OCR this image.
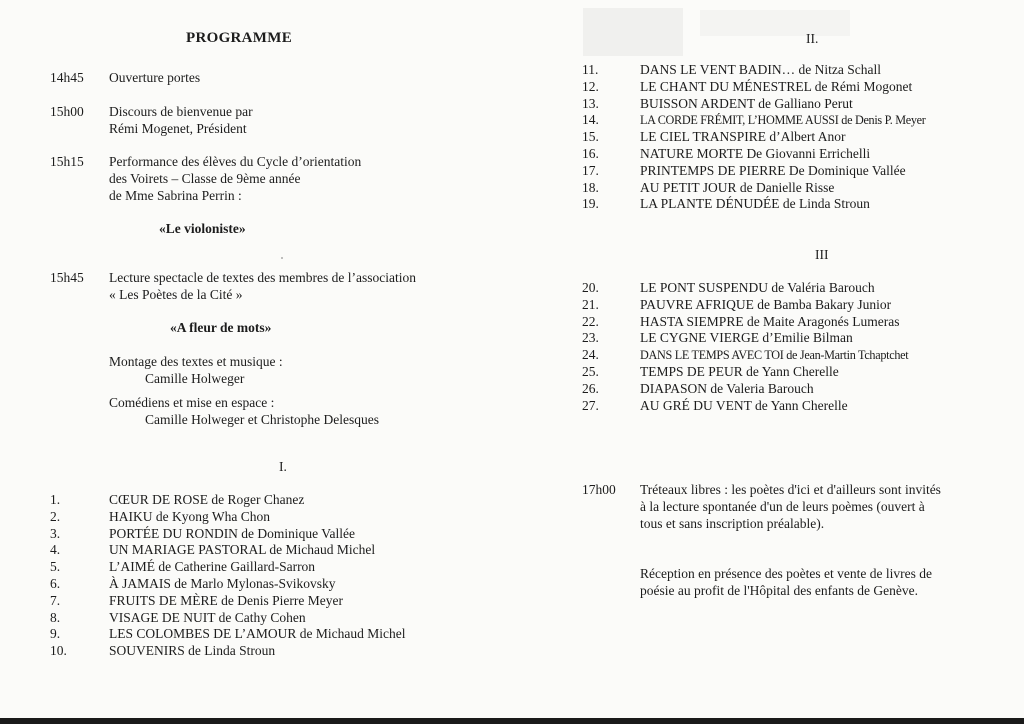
PROGRAMME
14h45 Ouverture portes
15h00 Discours de bienvenue par
Rémi Mogenet, Président
15h15 Performance des élèves du Cycle d’orientation
des Voirets – Classe de 9ème année
de Mme Sabrina Perrin :
«Le violoniste»
15h45 Lecture spectacle de textes des membres de l’association
« Les Poètes de la Cité »
«A fleur de mots»
Montage des textes et musique :
Camille Holweger
Comédiens et mise en espace :
Camille Holweger et Christophe Delesques
I.
1.	CŒUR DE ROSE de Roger Chanez
2.	HAIKU de Kyong Wha Chon
3.	PORTÉE DU RONDIN de Dominique Vallée
4.	UN MARIAGE PASTORAL de Michaud Michel
5.	L’AIMÉ de Catherine Gaillard-Sarron
6.	À JAMAIS de Marlo Mylonas-Svikovsky
7.	FRUITS DE MÈRE de Denis Pierre Meyer
8.	VISAGE DE NUIT de Cathy Cohen
9.	LES COLOMBES DE L’AMOUR de Michaud Michel
10.	SOUVENIRS de Linda Stroun
II.
11.	DANS LE VENT BADIN… de Nitza Schall
12.	LE CHANT DU MÉNESTREL de Rémi Mogonet
13.	BUISSON ARDENT de Galliano Perut
14.	LA CORDE FRÉMIT, L’HOMME AUSSI de Denis P. Meyer
15.	LE CIEL TRANSPIRE d’Albert Anor
16.	NATURE MORTE De Giovanni Errichelli
17.	PRINTEMPS DE PIERRE De Dominique Vallée
18.	AU PETIT JOUR de Danielle Risse
19.	LA PLANTE DÉNUDÉE de Linda Stroun
III
20.	LE PONT SUSPENDU de Valéria Barouch
21.	PAUVRE AFRIQUE de Bamba Bakary Junior
22.	HASTA SIEMPRE de Maite Aragonés Lumeras
23.	LE CYGNE VIERGE d’Emilie Bilman
24.	DANS LE TEMPS AVEC TOI de Jean-Martin Tchaptchet
25.	TEMPS DE PEUR de Yann Cherelle
26.	DIAPASON de Valeria Barouch
27.	AU GRÉ DU VENT de Yann Cherelle
17h00 Tréteaux libres : les poètes d'ici et d'ailleurs sont invités
à la lecture spontanée d'un de leurs poèmes (ouvert à
tous et sans inscription préalable).
Réception en présence des poètes et vente de livres de
poésie au profit de l'Hôpital des enfants de Genève.
